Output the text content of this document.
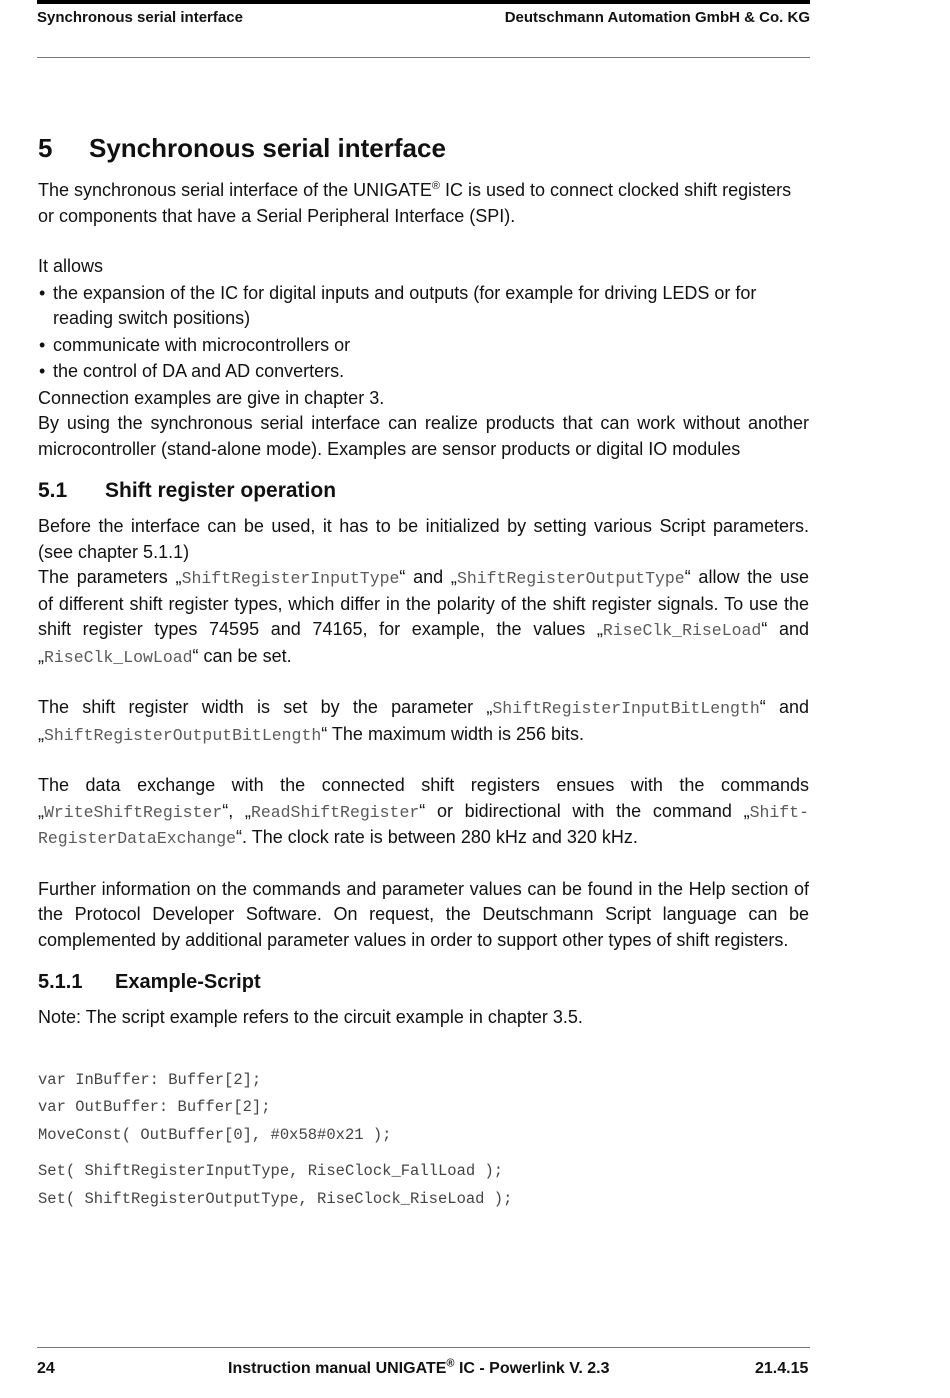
Synchronous serial interface	Deutschmann Automation GmbH & Co. KG
5 Synchronous serial interface

The synchronous serial interface of the UNIGATE® IC is used to connect clocked shift registers or components that have a Serial Peripheral Interface (SPI).

It allows

• the expansion of the IC for digital inputs and outputs (for example for driving LEDS or for reading switch positions)
• communicate with microcontrollers or
• the control of DA and AD converters.

Connection examples are give in chapter 3.

By using the synchronous serial interface can realize products that can work without another microcontroller (stand-alone mode). Examples are sensor products or digital IO modules

5.1 Shift register operation

Before the interface can be used, it has to be initialized by setting various Script parameters. (see chapter 5.1.1)

The parameters „ShiftRegisterInputType“ and „ShiftRegisterOutputType“ allow the use of different shift register types, which differ in the polarity of the shift register signals. To use the shift register types 74595 and 74165, for example, the values „RiseClk_RiseLoad“ and „RiseClk_LowLoad“ can be set.

The shift register width is set by the parameter „ShiftRegisterInputBitLength“ and „ShiftRegisterOutputBitLength“ The maximum width is 256 bits.

The data exchange with the connected shift registers ensues with the commands „WriteShiftRegister“, „ReadShiftRegister“ or bidirectional with the command „Shift-RegisterDataExchange“. The clock rate is between 280 kHz and 320 kHz.

Further information on the commands and parameter values can be found in the Help section of the Protocol Developer Software. On request, the Deutschmann Script language can be complemented by additional parameter values in order to support other types of shift registers.

5.1.1 Example-Script

Note: The script example refers to the circuit example in chapter 3.5.

var InBuffer: Buffer[2];
var OutBuffer: Buffer[2];
MoveConst( OutBuffer[0], #0x58#0x21 );
Set( ShiftRegisterInputType, RiseClock_FallLoad );
Set( ShiftRegisterOutputType, RiseClock_RiseLoad );
24	Instruction manual UNIGATE® IC - Powerlink V. 2.3	21.4.15
